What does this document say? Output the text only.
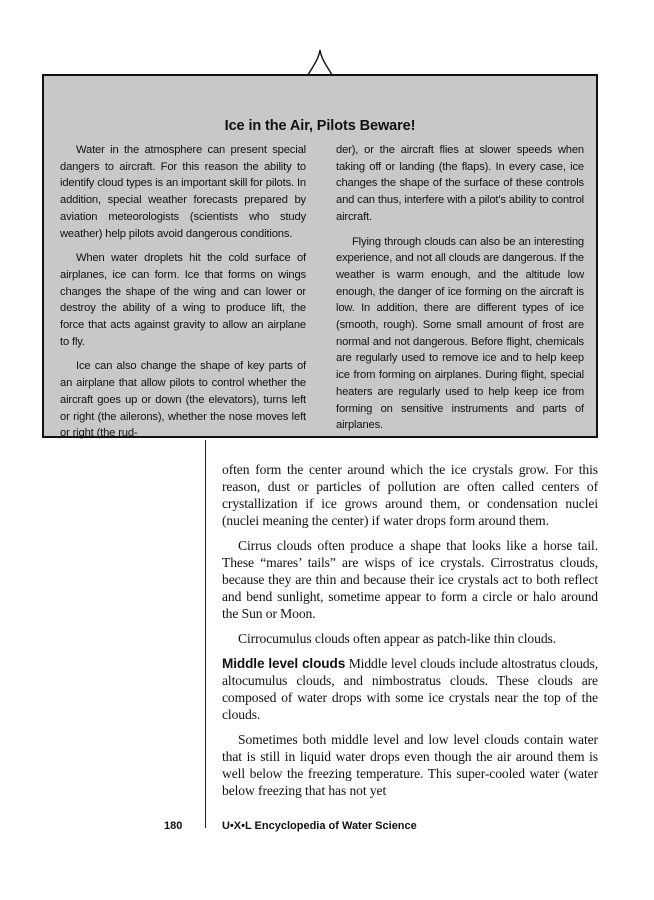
Ice in the Air, Pilots Beware!

Water in the atmosphere can present special dangers to aircraft. For this reason the ability to identify cloud types is an important skill for pilots. In addition, special weather forecasts prepared by aviation meteorologists (scientists who study weather) help pilots avoid dangerous conditions.

When water droplets hit the cold surface of airplanes, ice can form. Ice that forms on wings changes the shape of the wing and can lower or destroy the ability of a wing to produce lift, the force that acts against gravity to allow an airplane to fly.

Ice can also change the shape of key parts of an airplane that allow pilots to control whether the aircraft goes up or down (the elevators), turns left or right (the ailerons), whether the nose moves left or right (the rud-

der), or the aircraft flies at slower speeds when taking off or landing (the flaps). In every case, ice changes the shape of the surface of these controls and can thus, interfere with a pilot's ability to control aircraft.

Flying through clouds can also be an interesting experience, and not all clouds are dangerous. If the weather is warm enough, and the altitude low enough, the danger of ice forming on the aircraft is low. In addition, there are different types of ice (smooth, rough). Some small amount of frost are normal and not dangerous. Before flight, chemicals are regularly used to remove ice and to help keep ice from forming on airplanes. During flight, special heaters are regularly used to help keep ice from forming on sensitive instruments and parts of airplanes.

often form the center around which the ice crystals grow. For this reason, dust or particles of pollution are often called centers of crystallization if ice grows around them, or condensation nuclei (nuclei meaning the center) if water drops form around them.

Cirrus clouds often produce a shape that looks like a horse tail. These “mares’ tails” are wisps of ice crystals. Cirrostratus clouds, because they are thin and because their ice crystals act to both reflect and bend sunlight, sometime appear to form a circle or halo around the Sun or Moon.

Cirrocumulus clouds often appear as patch-like thin clouds.

Middle level clouds Middle level clouds include altostratus clouds, altocumulus clouds, and nimbostratus clouds. These clouds are composed of water drops with some ice crystals near the top of the clouds.

Sometimes both middle level and low level clouds contain water that is still in liquid water drops even though the air around them is well below the freezing temperature. This super-cooled water (water below freezing that has not yet

180	U•X•L Encyclopedia of Water Science
